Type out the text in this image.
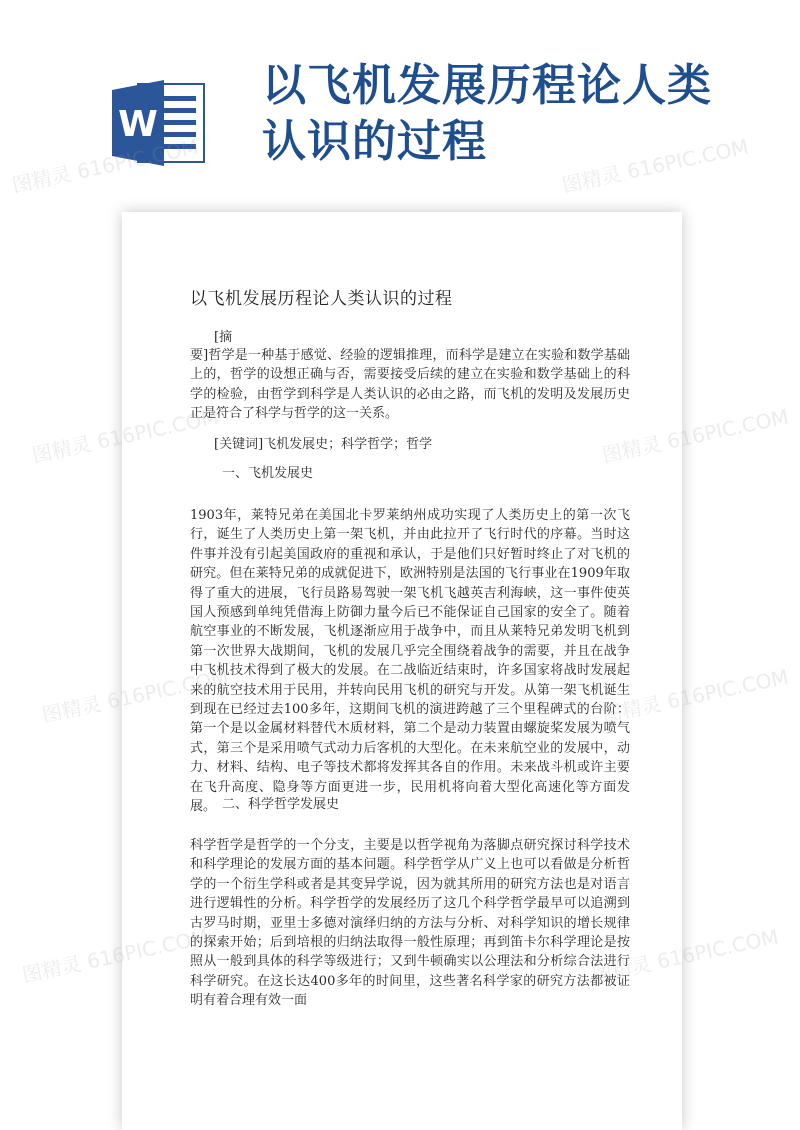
W
以飞机发展历程论人类
认识的过程
以飞机发展历程论人类认识的过程
[摘
要]哲学是一种基于感觉、经验的逻辑推理，而科学是建立在实验和数学基础上的，哲学的设想正确与否，需要接受后续的建立在实验和数学基础上的科学的检验，由哲学到科学是人类认识的必由之路，而飞机的发明及发展历史正是符合了科学与哲学的这一关系。
[关键词]飞机发展史；科学哲学；哲学
一、飞机发展史
1903年，莱特兄弟在美国北卡罗莱纳州成功实现了人类历史上的第一次飞行，诞生了人类历史上第一架飞机，并由此拉开了飞行时代的序幕。当时这件事并没有引起美国政府的重视和承认，于是他们只好暂时终止了对飞机的研究。但在莱特兄弟的成就促进下，欧洲特别是法国的飞行事业在1909年取得了重大的进展，飞行员路易驾驶一架飞机飞越英吉利海峡，这一事件使英国人预感到单纯凭借海上防御力量今后已不能保证自己国家的安全了。随着航空事业的不断发展，飞机逐渐应用于战争中，而且从莱特兄弟发明飞机到第一次世界大战期间，飞机的发展几乎完全围绕着战争的需要，并且在战争中飞机技术得到了极大的发展。在二战临近结束时，许多国家将战时发展起来的航空技术用于民用，并转向民用飞机的研究与开发。从第一架飞机诞生到现在已经过去100多年，这期间飞机的演进跨越了三个里程碑式的台阶：第一个是以金属材料替代木质材料，第二个是动力装置由螺旋桨发展为喷气式，第三个是采用喷气式动力后客机的大型化。在未来航空业的发展中，动力、材料、结构、电子等技术都将发挥其各自的作用。未来战斗机或许主要在飞升高度、隐身等方面更进一步，民用机将向着大型化高速化等方面发展。 二、科学哲学发展史
科学哲学是哲学的一个分支，主要是以哲学视角为落脚点研究探讨科学技术和科学理论的发展方面的基本问题。科学哲学从广义上也可以看做是分析哲学的一个衍生学科或者是其变异学说，因为就其所用的研究方法也是对语言进行逻辑性的分析。科学哲学的发展经历了这几个科学哲学最早可以追溯到古罗马时期，亚里士多德对演绎归纳的方法与分析、对科学知识的增长规律的探索开始；后到培根的归纳法取得一般性原理；再到笛卡尔科学理论是按照从一般到具体的科学等级进行；又到牛顿确实以公理法和分析综合法进行科学研究。在这长达400多年的时间里，这些著名科学家的研究方法都被证明有着合理有效一面
图精灵 616PIC.COM	图精灵 616PIC.COM
图精灵	图精灵 616PIC.COM
图精灵	图精灵 616PIC.COM
图精灵 616PIC.COM	图精灵 616PIC.COM
